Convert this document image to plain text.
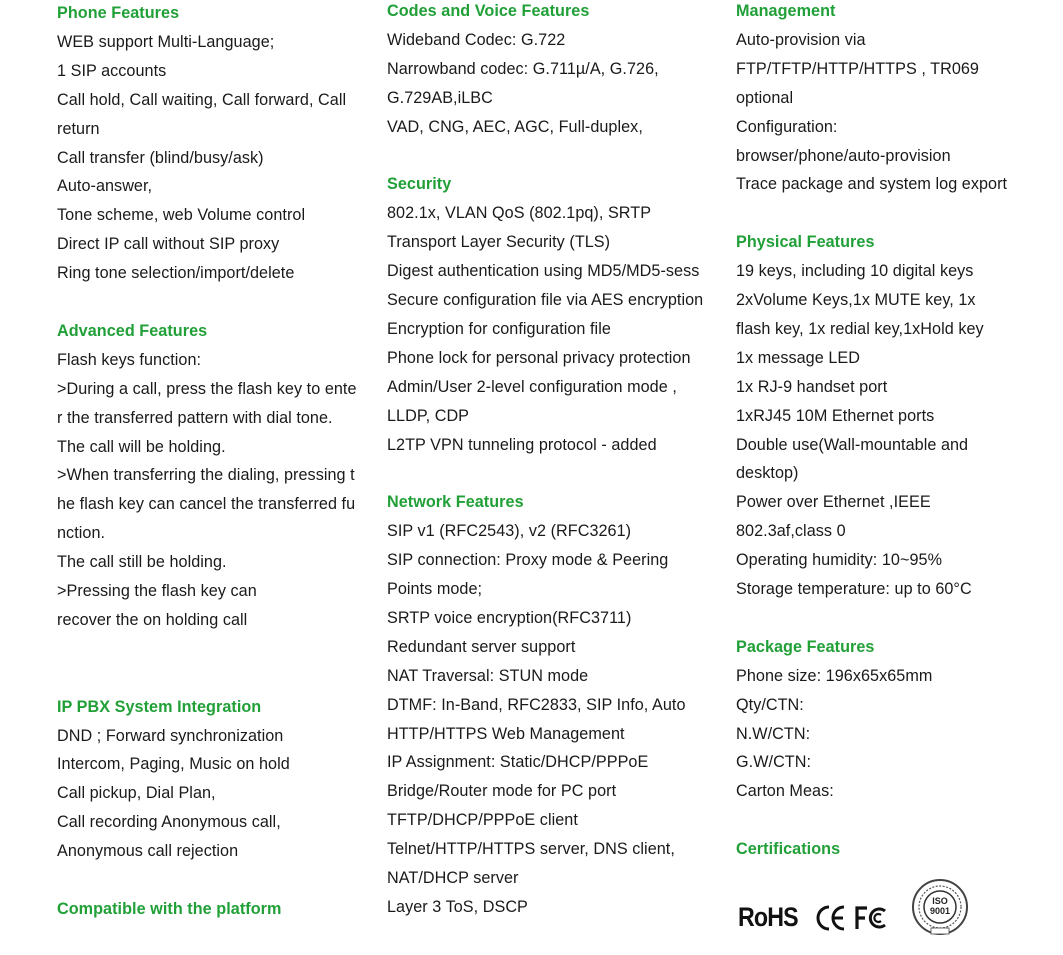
Phone Features
WEB support Multi-Language;
1 SIP accounts
Call hold, Call waiting, Call forward, Call
return
Call transfer (blind/busy/ask)
Auto-answer,
Tone scheme, web Volume control
Direct IP call without SIP proxy
Ring tone selection/import/delete
Advanced Features
Flash keys function:
>During a call, press the flash key to ente
r the transferred pattern with dial tone.
The call will be holding.
>When transferring the dialing, pressing t
he flash key can cancel the transferred fu
nction.
The call still be holding.
>Pressing the flash key can
recover the on holding call
IP PBX System Integration
DND ; Forward synchronization
Intercom, Paging, Music on hold
Call pickup, Dial Plan,
Call recording Anonymous call,
Anonymous call rejection
Compatible with the platform
Codes and Voice Features
Wideband Codec: G.722
Narrowband codec: G.711µ/A, G.726,
G.729AB,iLBC
VAD, CNG, AEC, AGC, Full-duplex,
Security
802.1x, VLAN QoS (802.1pq), SRTP
Transport Layer Security (TLS)
Digest authentication using MD5/MD5-sess
Secure configuration file via AES encryption
Encryption for configuration file
Phone lock for personal privacy protection
Admin/User 2-level configuration mode ,
LLDP, CDP
L2TP VPN tunneling protocol - added
Network Features
SIP v1 (RFC2543), v2 (RFC3261)
SIP connection: Proxy mode & Peering
Points mode;
SRTP voice encryption(RFC3711)
Redundant server support
NAT Traversal: STUN mode
DTMF: In-Band, RFC2833, SIP Info, Auto
HTTP/HTTPS Web Management
IP Assignment: Static/DHCP/PPPoE
Bridge/Router mode for PC port
TFTP/DHCP/PPPoE client
Telnet/HTTP/HTTPS server, DNS client,
NAT/DHCP server
Layer 3 ToS, DSCP
Management
Auto-provision via
FTP/TFTP/HTTP/HTTPS , TR069
optional
Configuration:
browser/phone/auto-provision
Trace package and system log export
Physical Features
19 keys, including 10 digital keys
2xVolume Keys,1x MUTE key, 1x
flash key, 1x redial key,1xHold key
1x message LED
1x RJ-9 handset port
1xRJ45 10M Ethernet ports
Double use(Wall-mountable and
desktop)
Power over Ethernet ,IEEE
802.3af,class 0
Operating humidity: 10~95%
Storage temperature: up to 60°C
Package Features
Phone size: 196x65x65mm
Qty/CTN:
N.W/CTN:
G.W/CTN:
Carton Meas:
Certifications
RoHS
ISO
9001
